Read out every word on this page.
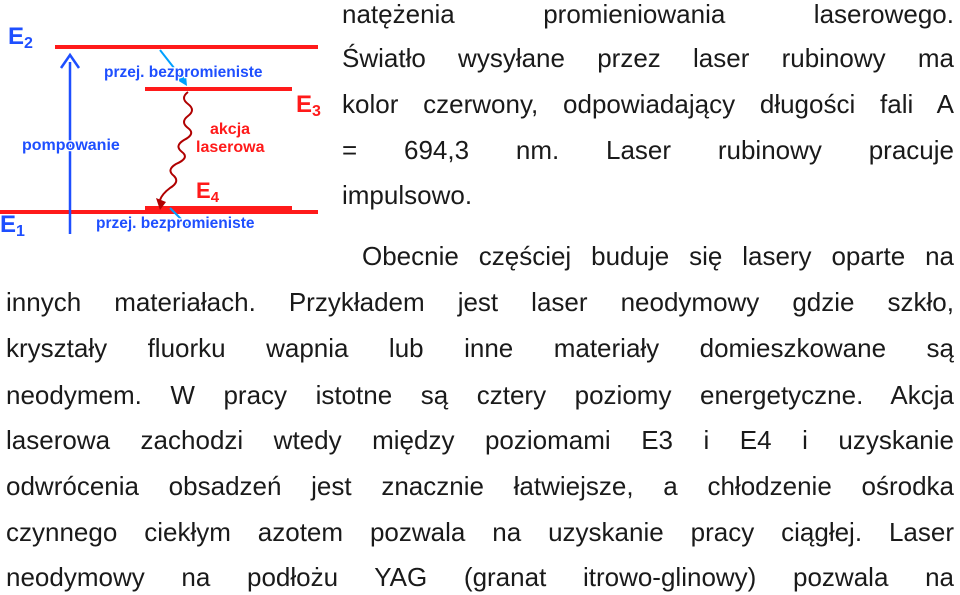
E2
E3
E4
E1
przej. bezpromieniste
pompowanie
akcja
laserowa
przej. bezpromieniste
natężenia promieniowania laserowego.
Światło wysyłane przez laser rubinowy ma
kolor czerwony, odpowiadający długości fali A
= 694,3 nm. Laser rubinowy pracuje
impulsowo.
Obecnie częściej buduje się lasery oparte na
innych materiałach. Przykładem jest laser neodymowy gdzie szkło,
kryształy fluorku wapnia lub inne materiały domieszkowane są
neodymem. W pracy istotne są cztery poziomy energetyczne. Akcja
laserowa zachodzi wtedy między poziomami E3 i E4 i uzyskanie
odwrócenia obsadzeń jest znacznie łatwiejsze, a chłodzenie ośrodka
czynnego ciekłym azotem pozwala na uzyskanie pracy ciągłej. Laser
neodymowy na podłożu YAG (granat itrowo-glinowy) pozwala na
